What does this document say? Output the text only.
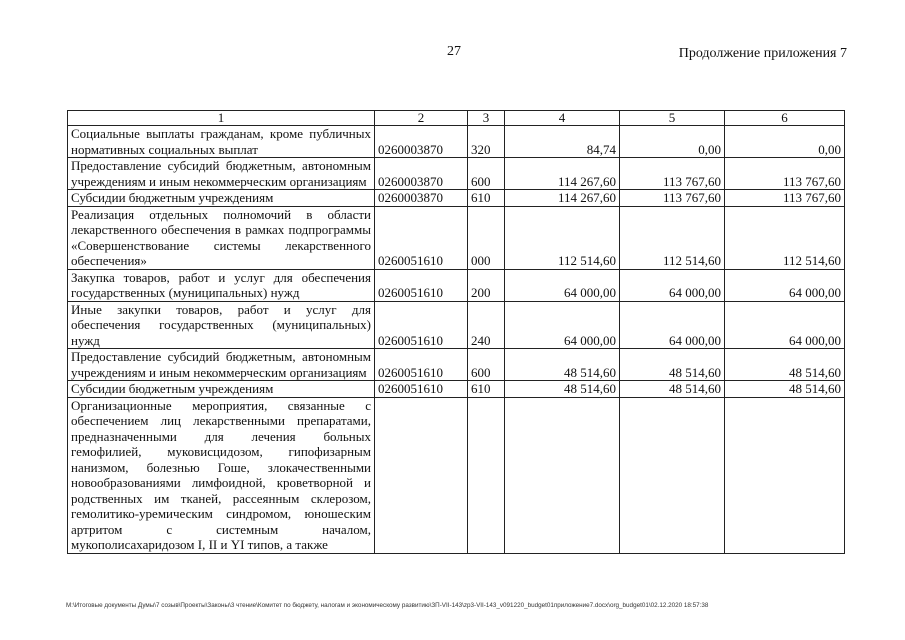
27	Продолжение приложения 7
1	2	3	4	5	6
Социальные выплаты гражданам, кроме публичных нормативных социальных выплат	0260003870	320	84,74	0,00	0,00
Предоставление субсидий бюджетным, автономным учреждениям и иным некоммерческим организациям	0260003870	600	114 267,60	113 767,60	113 767,60
Субсидии бюджетным учреждениям	0260003870	610	114 267,60	113 767,60	113 767,60
Реализация отдельных полномочий в области лекарственного обеспечения в рамках подпрограммы «Совершенствование системы лекарственного обеспечения»	0260051610	000	112 514,60	112 514,60	112 514,60
Закупка товаров, работ и услуг для обеспечения государственных (муниципальных) нужд	0260051610	200	64 000,00	64 000,00	64 000,00
Иные закупки товаров, работ и услуг для обеспечения государственных (муниципальных) нужд	0260051610	240	64 000,00	64 000,00	64 000,00
Предоставление субсидий бюджетным, автономным учреждениям и иным некоммерческим организациям	0260051610	600	48 514,60	48 514,60	48 514,60
Субсидии бюджетным учреждениям	0260051610	610	48 514,60	48 514,60	48 514,60
Организационные мероприятия, связанные с обеспечением лиц лекарственными препаратами, предназначенными для лечения больных гемофилией, муковисцидозом, гипофизарным нанизмом, болезнью Гоше, злокачественными новообразованиями лимфоидной, кроветворной и родственных им тканей, рассеянным склерозом, гемолитико-уремическим синдромом, юношеским артритом с системным началом, мукополисахаридозом I, II и YI типов, а также					
M:\Итоговые документы Думы\7 созыв\Проекты\Законы\3 чтение\Комитет по бюджету, налогам и экономическому развитию\ЗП-VII-143\zp3-VII-143_v091220_budget01приложение7.docx\org_budget01\02.12.2020 18:57:38
